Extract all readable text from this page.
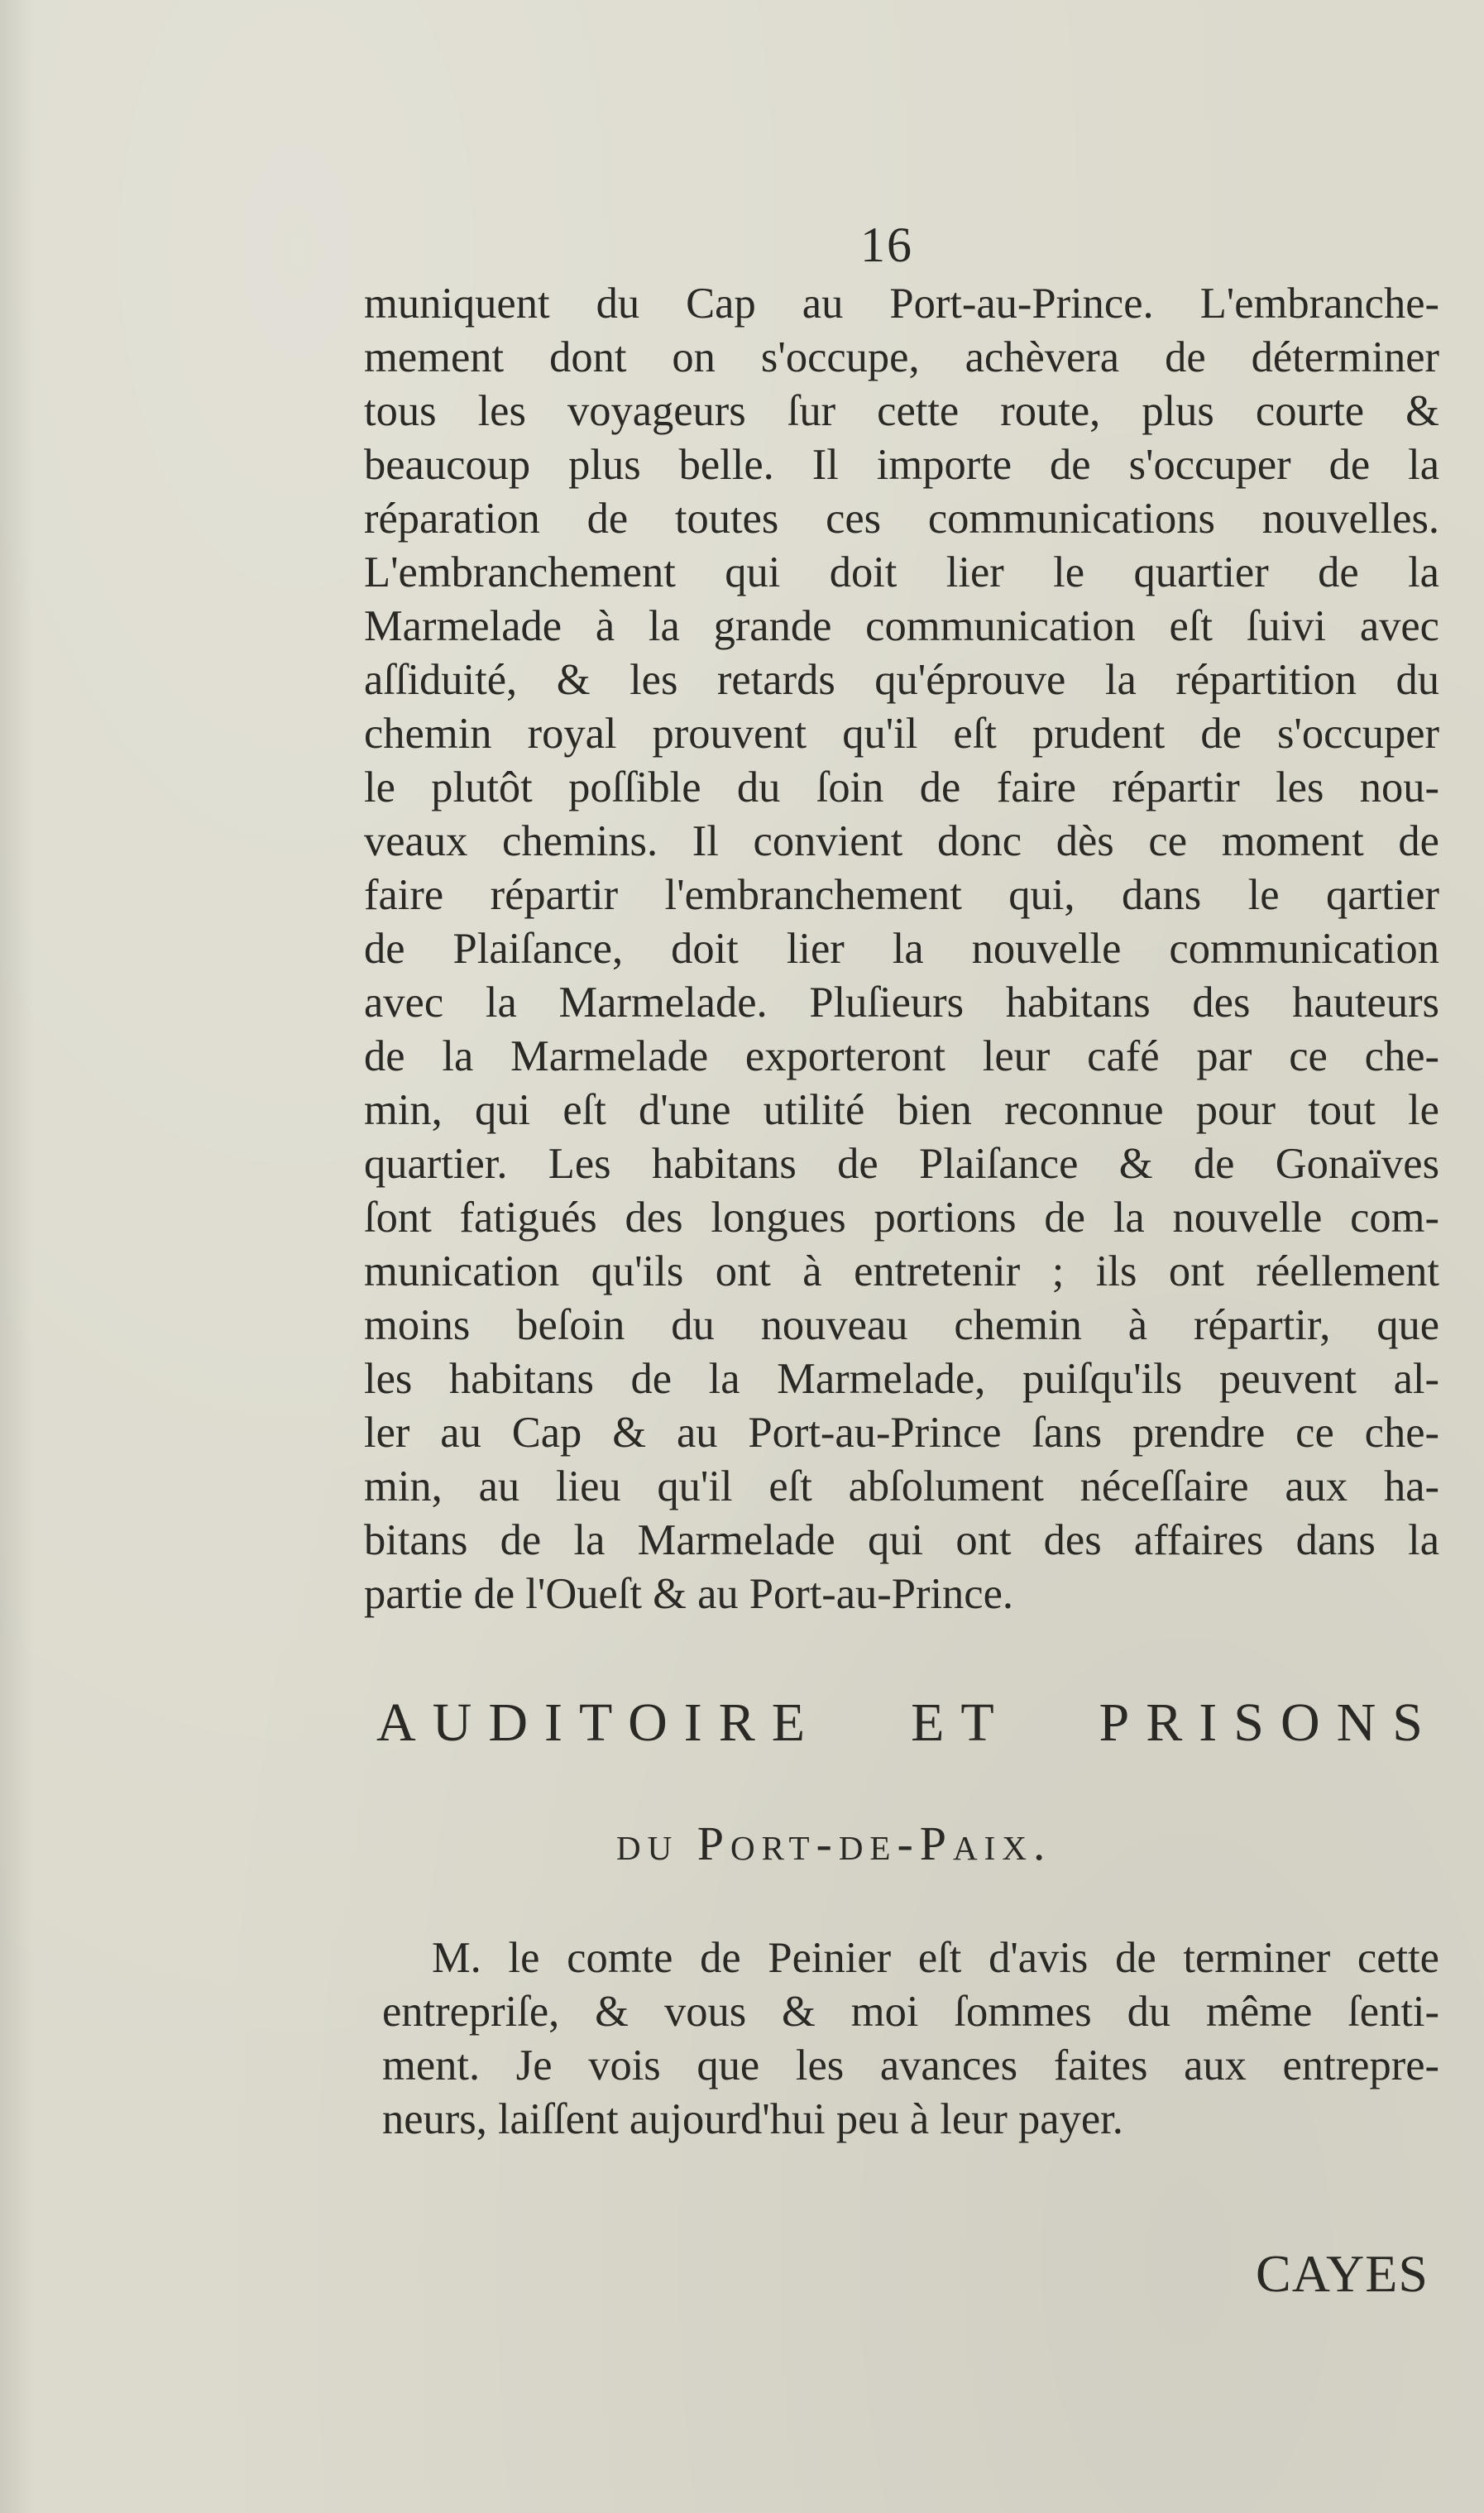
16
muniquent du Cap au Port-au-Prince. L'embranche-
mement dont on s'occupe, achèvera de déterminer
tous les voyageurs ſur cette route, plus courte &
beaucoup plus belle. Il importe de s'occuper de la
réparation de toutes ces communications nouvelles.
L'embranchement qui doit lier le quartier de la
Marmelade à la grande communication eſt ſuivi avec
aſſiduité, & les retards qu'éprouve la répartition du
chemin royal prouvent qu'il eſt prudent de s'occuper
le plutôt poſſible du ſoin de faire répartir les nou-
veaux chemins. Il convient donc dès ce moment de
faire répartir l'embranchement qui, dans le qartier
de Plaiſance, doit lier la nouvelle communication
avec la Marmelade. Pluſieurs habitans des hauteurs
de la Marmelade exporteront leur café par ce che-
min, qui eſt d'une utilité bien reconnue pour tout le
quartier. Les habitans de Plaiſance & de Gonaïves
ſont fatigués des longues portions de la nouvelle com-
munication qu'ils ont à entretenir ; ils ont réellement
moins beſoin du nouveau chemin à répartir, que
les habitans de la Marmelade, puiſqu'ils peuvent al-
ler au Cap & au Port-au-Prince ſans prendre ce che-
min, au lieu qu'il eſt abſolument néceſſaire aux ha-
bitans de la Marmelade qui ont des affaires dans la
partie de l'Oueſt & au Port-au-Prince.
AUDITOIRE ET PRISONS
du Port-de-Paix.
M. le comte de Peinier eſt d'avis de terminer cette
entrepriſe, & vous & moi ſommes du même ſenti-
ment. Je vois que les avances faites aux entrepre-
neurs, laiſſent aujourd'hui peu à leur payer.
CAYES
